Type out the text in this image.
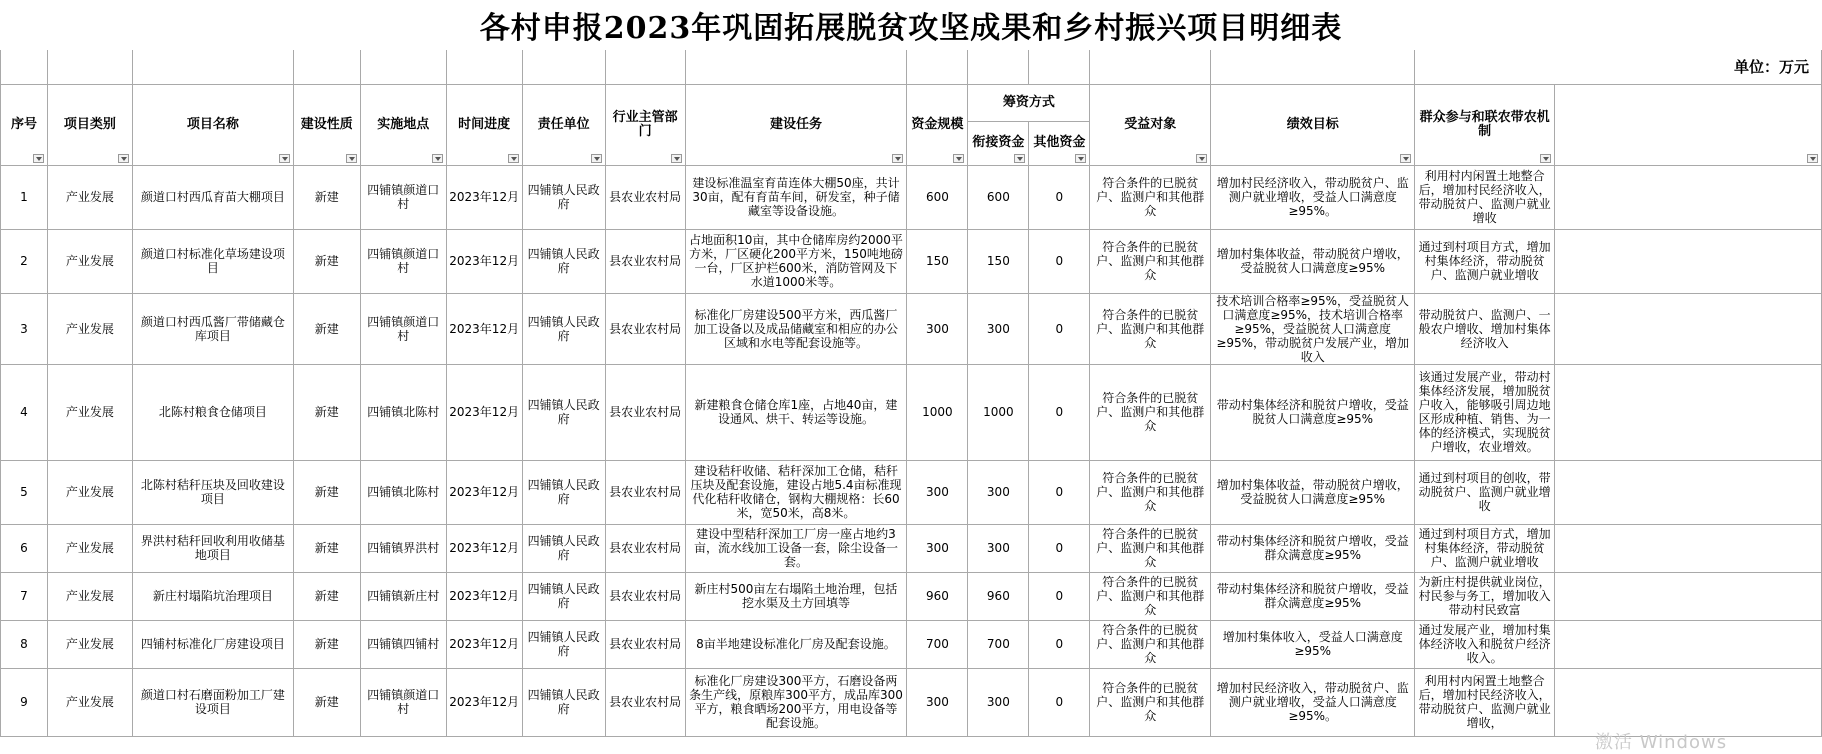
各村申报2023年巩固拓展脱贫攻坚成果和乡村振兴项目明细表
														单位：万元	
序号	项目类别	项目名称	建设性质	实施地点	时间进度	责任单位	行业主管部门	建设任务	资金规模	筹资方式		受益对象	绩效目标	群众参与和联农带农机制

										衔接资金	其他资金				

1	产业发展	颜道口村西瓜育苗大棚项目	新建	四铺镇颜道口村	2023年12月	四铺镇人民政府	县农业农村局	建设标准温室育苗连体大棚50座，共计30亩，配有育苗车间，研发室，种子储藏室等设备设施。	600	600	0	符合条件的已脱贫户、监测户和其他群众	增加村民经济收入，带动脱贫户、监测户就业增收，受益人口满意度≥95%。	利用村内闲置土地整合后，增加村民经济收入，带动脱贫户、监测户就业增收	
2	产业发展	颜道口村标准化草场建设项目	新建	四铺镇颜道口村	2023年12月	四铺镇人民政府	县农业农村局	占地面积10亩，其中仓储库房约2000平方米，厂区硬化200平方米，150吨地磅一台，厂区护栏600米，消防管网及下水道1000米等。	150	150	0	符合条件的已脱贫户、监测户和其他群众	增加村集体收益，带动脱贫户增收，受益脱贫人口满意度≥95%	通过到村项目方式，增加村集体经济，带动脱贫户、监测户就业增收	
3	产业发展	颜道口村西瓜酱厂带储藏仓库项目	新建	四铺镇颜道口村	2023年12月	四铺镇人民政府	县农业农村局	标准化厂房建设500平方米，西瓜酱厂加工设备以及成品储藏室和相应的办公区域和水电等配套设施等。	300	300	0	符合条件的已脱贫户、监测户和其他群众	技术培训合格率≥95%，受益脱贫人口满意度≥95%，技术培训合格率≥95%，受益脱贫人口满意度≥95%，带动脱贫户发展产业，增加收入	带动脱贫户、监测户、一般农户增收、增加村集体经济收入	
4	产业发展	北陈村粮食仓储项目	新建	四铺镇北陈村	2023年12月	四铺镇人民政府	县农业农村局	新建粮食仓储仓库1座，占地40亩，建设通风、烘干、转运等设施。	1000	1000	0	符合条件的已脱贫户、监测户和其他群众	带动村集体经济和脱贫户增收，受益脱贫人口满意度≥95%	该通过发展产业，带动村集体经济发展，增加脱贫户收入，能够吸引周边地区形成种植、销售、为一体的经济模式，实现脱贫户增收，农业增效。	
5	产业发展	北陈村秸秆压块及回收建设项目	新建	四铺镇北陈村	2023年12月	四铺镇人民政府	县农业农村局	建设秸秆收储、秸秆深加工仓储，秸秆压块及配套设施，建设占地5.4亩标准现代化秸秆收储仓，钢构大棚规格：长60米，宽50米，高8米。	300	300	0	符合条件的已脱贫户、监测户和其他群众	增加村集体收益，带动脱贫户增收，受益脱贫人口满意度≥95%	通过到村项目的创收，带动脱贫户、监测户就业增收	
6	产业发展	界洪村秸秆回收利用收储基地项目	新建	四铺镇界洪村	2023年12月	四铺镇人民政府	县农业农村局	建设中型秸秆深加工厂房一座占地约3亩，流水线加工设备一套，除尘设备一套。	300	300	0	符合条件的已脱贫户、监测户和其他群众	带动村集体经济和脱贫户增收，受益群众满意度≥95%	通过到村项目方式，增加村集体经济，带动脱贫户、监测户就业增收	
7	产业发展	新庄村塌陷坑治理项目	新建	四铺镇新庄村	2023年12月	四铺镇人民政府	县农业农村局	新庄村500亩左右塌陷土地治理，包括挖水渠及土方回填等	960	960	0	符合条件的已脱贫户、监测户和其他群众	带动村集体经济和脱贫户增收，受益群众满意度≥95%	为新庄村提供就业岗位，村民参与务工，增加收入带动村民致富	
8	产业发展	四铺村标准化厂房建设项目	新建	四铺镇四铺村	2023年12月	四铺镇人民政府	县农业农村局	8亩半地建设标准化厂房及配套设施。	700	700	0	符合条件的已脱贫户、监测户和其他群众	增加村集体收入，受益人口满意度≥95%	通过发展产业，增加村集体经济收入和脱贫户经济收入。	
9	产业发展	颜道口村石磨面粉加工厂建设项目	新建	四铺镇颜道口村	2023年12月	四铺镇人民政府	县农业农村局	标准化厂房建设300平方，石磨设备两条生产线，原粮库300平方，成品库300平方，粮食晒场200平方，用电设备等配套设施。	300	300	0	符合条件的已脱贫户、监测户和其他群众	增加村民经济收入，带动脱贫户、监测户就业增收，受益人口满意度≥95%。	利用村内闲置土地整合后，增加村民经济收入，带动脱贫户、监测户就业增收，	
激活 Windows
